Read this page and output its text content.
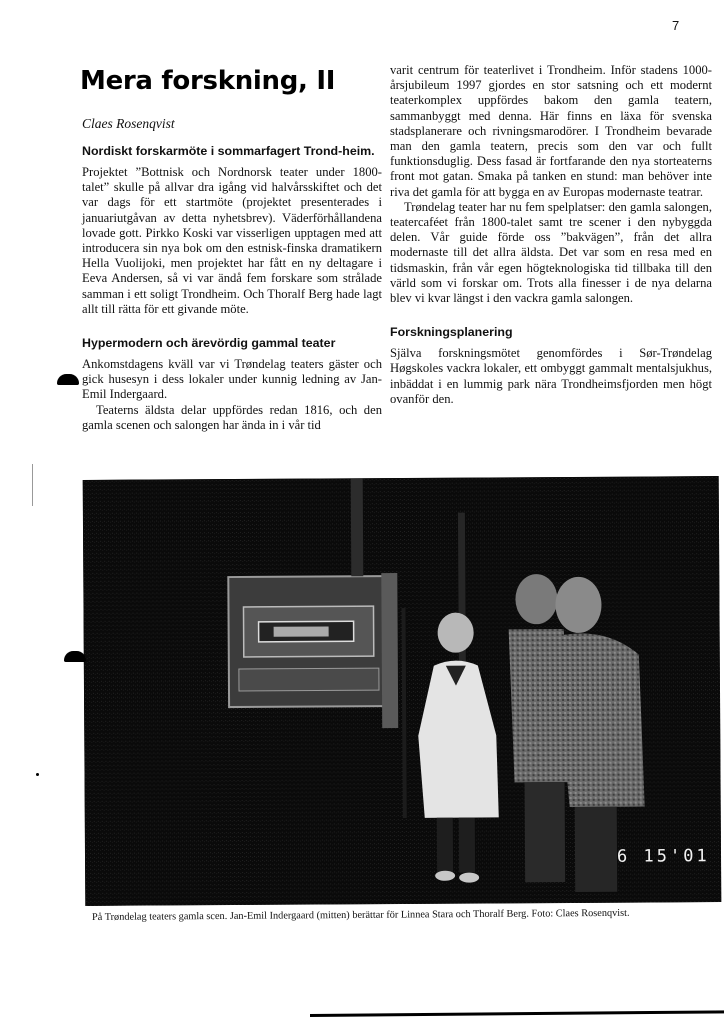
7
Mera forskning, II
Claes Rosenqvist
Nordiskt forskarmöte i sommarfagert Trond-heim.

Projektet ”Bottnisk och Nordnorsk teater under 1800- talet” skulle på allvar dra igång vid halvårsskiftet och det var dags för ett startmöte (projektet presenterades i januariutgåvan av detta nyhetsbrev). Väderförhållandena lovade gott. Pirkko Koski var visserligen upptagen med att introducera sin nya bok om den estnisk-finska dramatikern Hella Vuolijoki, men projektet har fått en ny deltagare i Eeva Andersen, så vi var ändå fem forskare som strålade samman i ett soligt Trondheim. Och Thoralf Berg hade lagt allt till rätta för ett givande möte.

Hypermodern och ärevördig gammal teater

Ankomstdagens kväll var vi Trøndelag teaters gäster och gick husesyn i dess lokaler under kunnig ledning av Jan-Emil Indergaard.

Teaterns äldsta delar uppfördes redan 1816, och den gamla scenen och salongen har ända in i vår tid

varit centrum för teaterlivet i Trondheim. Inför stadens 1000-årsjubileum 1997 gjordes en stor satsning och ett modernt teaterkomplex uppfördes bakom den gamla teatern, sammanbyggt med denna. Här finns en läxa för svenska stadsplanerare och rivningsmarodörer. I Trondheim bevarade man den gamla teatern, precis som den var och fullt funktionsduglig. Dess fasad är fortfarande den nya storteaterns front mot gatan. Smaka på tanken en stund: man behöver inte riva det gamla för att bygga en av Europas modernaste teatrar.

Trøndelag teater har nu fem spelplatser: den gamla salongen, teatercaféet från 1800-talet samt tre scener i den nybyggda delen. Vår guide förde oss ”bakvägen”, från det allra modernaste till det allra äldsta. Det var som en resa med en tidsmaskin, från vår egen högteknologiska tid tillbaka till den värld som vi forskar om. Trots alla finesser i de nya delarna blev vi kvar längst i den vackra gamla salongen.

Forskningsplanering

Själva forskningsmötet genomfördes i Sør-Trøndelag Høgskoles vackra lokaler, ett ombyggt gammalt mentalsjukhus, inbäddat i en lummig park nära Trondheimsfjorden men högt ovanför den.

6 15'01
På Trøndelag teaters gamla scen. Jan-Emil Indergaard (mitten) berättar för Linnea Stara och Thoralf Berg. Foto: Claes Rosenqvist.
